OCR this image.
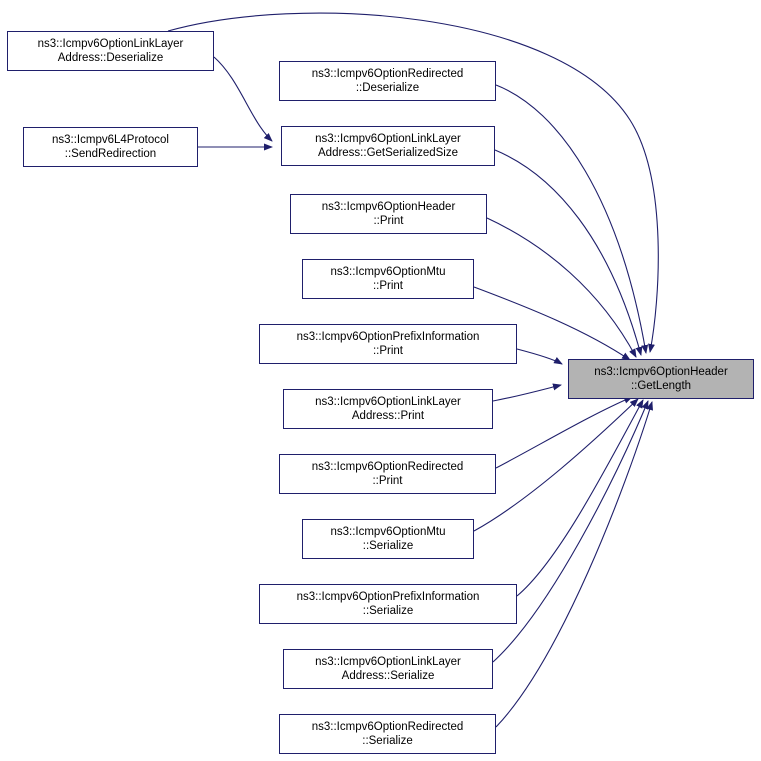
ns3::Icmpv6OptionLinkLayer
Address::Deserialize
ns3::Icmpv6OptionRedirected
::Deserialize
ns3::Icmpv6L4Protocol
::SendRedirection
ns3::Icmpv6OptionLinkLayer
Address::GetSerializedSize
ns3::Icmpv6OptionHeader
::Print
ns3::Icmpv6OptionMtu
::Print
ns3::Icmpv6OptionPrefixInformation
::Print
ns3::Icmpv6OptionLinkLayer
Address::Print
ns3::Icmpv6OptionRedirected
::Print
ns3::Icmpv6OptionMtu
::Serialize
ns3::Icmpv6OptionPrefixInformation
::Serialize
ns3::Icmpv6OptionLinkLayer
Address::Serialize
ns3::Icmpv6OptionRedirected
::Serialize
ns3::Icmpv6OptionHeader
::GetLength
